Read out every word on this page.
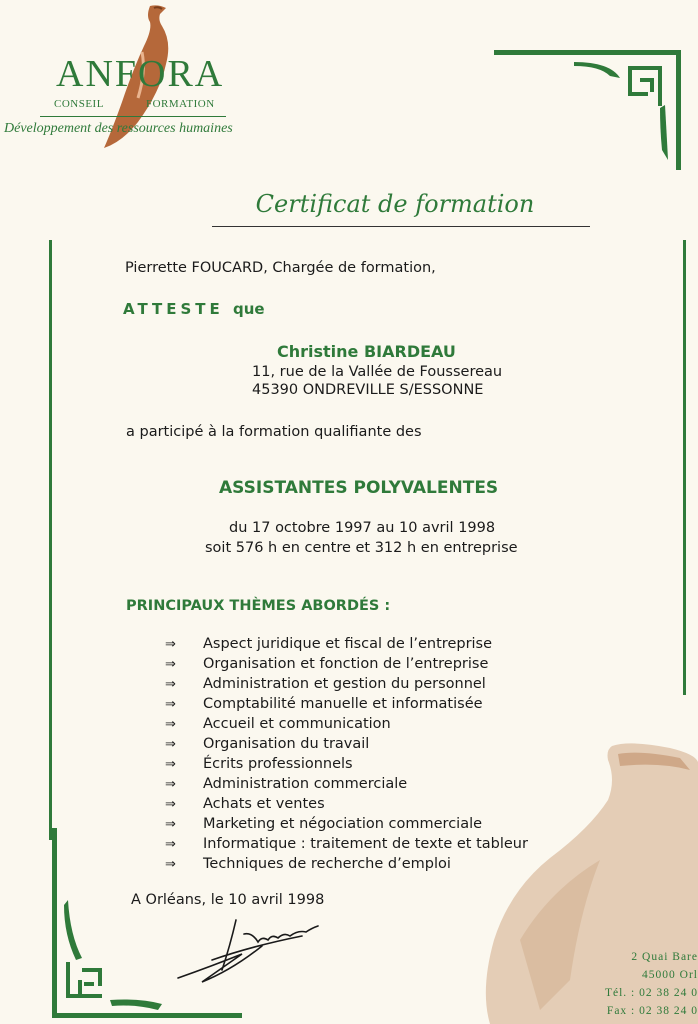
ANFORA
CONSEIL	FORMATION
Développement des ressources humaines
Certificat de formation
Pierrette FOUCARD, Chargée de formation,
ATTESTE que
Christine BIARDEAU
11, rue de la Vallée de Foussereau
45390 ONDREVILLE S/ESSONNE
a participé à la formation qualifiante des
ASSISTANTES POLYVALENTES
du 17 octobre 1997 au 10 avril 1998
soit 576 h en centre et 312 h en entreprise
PRINCIPAUX THÈMES ABORDÉS :
⇒ Aspect juridique et fiscal de l’entreprise
⇒ Organisation et fonction de l’entreprise
⇒ Administration et gestion du personnel
⇒ Comptabilité manuelle et informatisée
⇒ Accueil et communication
⇒ Organisation du travail
⇒ Écrits professionnels
⇒ Administration commerciale
⇒ Achats et ventes
⇒ Marketing et négociation commerciale
⇒ Informatique : traitement de texte et tableur
⇒ Techniques de recherche d’emploi
A Orléans, le 10 avril 1998
2 Quai Bare
45000 Orl
Tél. : 02 38 24 0
Fax : 02 38 24 0
